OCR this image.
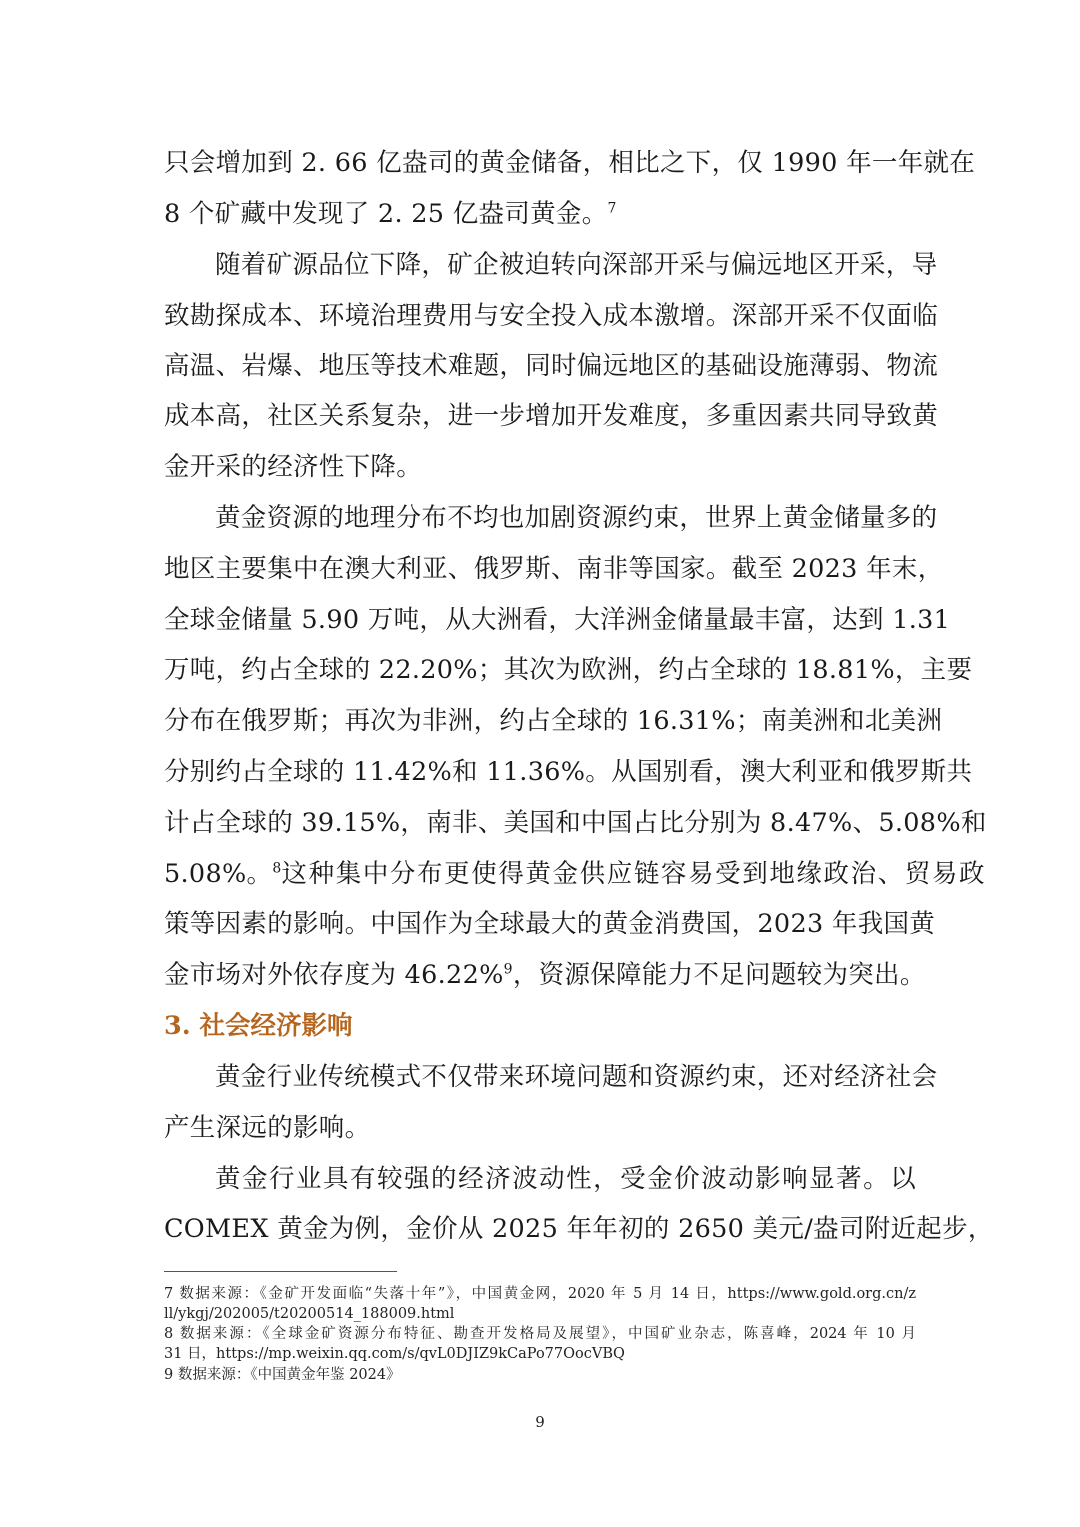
只会增加到 2. 66 亿盎司的黄金储备，相比之下，仅 1990 年一年就在
8 个矿藏中发现了 2. 25 亿盎司黄金。$^7$
随着矿源品位下降，矿企被迫转向深部开采与偏远地区开采，导
致勘探成本、环境治理费用与安全投入成本激增。深部开采不仅面临
高温、岩爆、地压等技术难题，同时偏远地区的基础设施薄弱、物流
成本高，社区关系复杂，进一步增加开发难度，多重因素共同导致黄
金开采的经济性下降。
黄金资源的地理分布不均也加剧资源约束，世界上黄金储量多的
地区主要集中在澳大利亚、俄罗斯、南非等国家。截至 2023 年末，
全球金储量 5.90 万吨，从大洲看，大洋洲金储量最丰富，达到 1.31
万吨，约占全球的 22.20%；其次为欧洲，约占全球的 18.81%，主要
分布在俄罗斯；再次为非洲，约占全球的 16.31%；南美洲和北美洲
分别约占全球的 11.42%和 11.36%。从国别看，澳大利亚和俄罗斯共
计占全球的 39.15%，南非、美国和中国占比分别为 8.47%、5.08%和
5.08%。$^8$ 这种集中分布更使得黄金供应链容易受到地缘政治、贸易政
策等因素的影响。中国作为全球最大的黄金消费国，2023 年我国黄
金市场对外依存度为 46.22%$^9$，资源保障能力不足问题较为突出。
3. 社会经济影响
黄金行业传统模式不仅带来环境问题和资源约束，还对经济社会
产生深远的影响。
黄金行业具有较强的经济波动性，受金价波动影响显著。以
COMEX 黄金为例，金价从 2025 年年初的 2650 美元/盎司附近起步，
7 数据来源：《金矿开发面临“失落十年”》，中国黄金网，2020 年 5 月 14 日，https://www.gold.org.cn/z
ll/ykgj/202005/t20200514_188009.html
8 数据来源：《全球金矿资源分布特征、勘查开发格局及展望》，中国矿业杂志，陈喜峰，2024 年 10 月
31 日，https://mp.weixin.qq.com/s/qvL0DJIZ9kCaPo77OocVBQ
9 数据来源：《中国黄金年鉴 2024》
9
